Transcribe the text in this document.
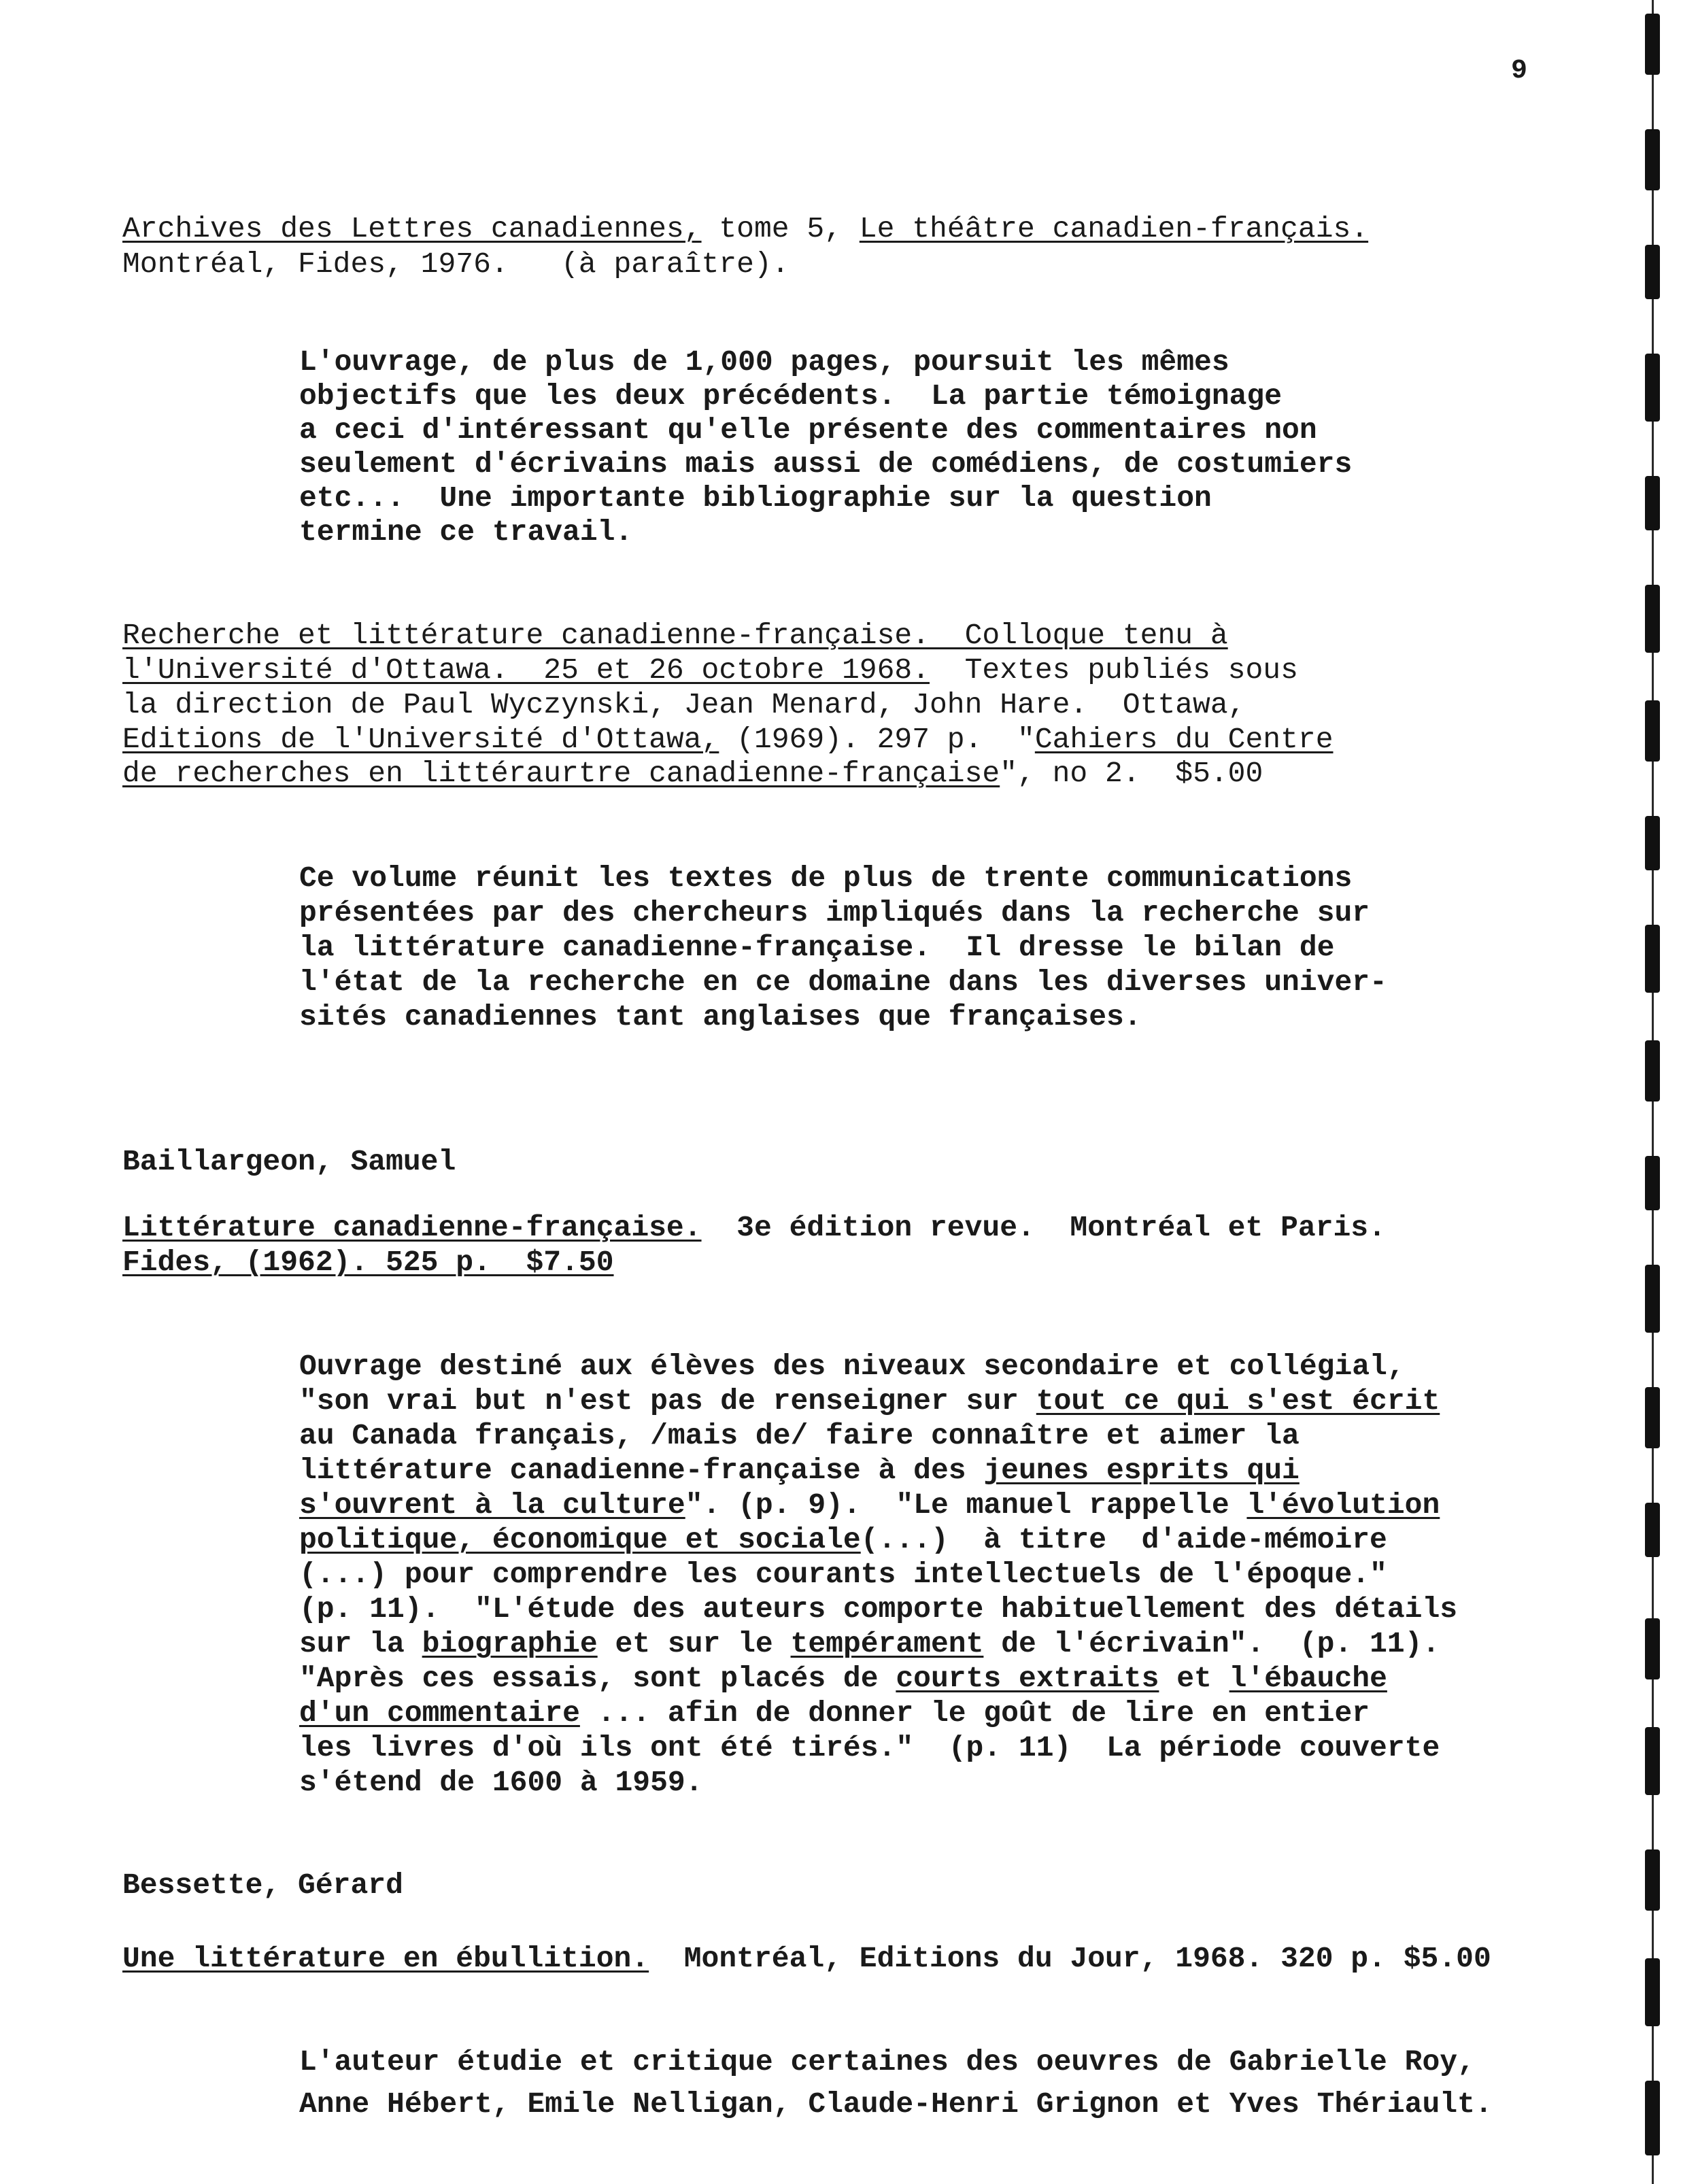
9
Archives des Lettres canadiennes, tome 5, Le théâtre canadien-français.
Montréal, Fides, 1976.   (à paraître).
L'ouvrage, de plus de 1,000 pages, poursuit les mêmes
objectifs que les deux précédents.  La partie témoignage
a ceci d'intéressant qu'elle présente des commentaires non
seulement d'écrivains mais aussi de comédiens, de costumiers
etc...  Une importante bibliographie sur la question
termine ce travail.
Recherche et littérature canadienne-française.  Colloque tenu à
l'Université d'Ottawa.  25 et 26 octobre 1968.  Textes publiés sous
la direction de Paul Wyczynski, Jean Menard, John Hare.  Ottawa,
Editions de l'Université d'Ottawa, (1969). 297 p.  "Cahiers du Centre
de recherches en littéraurtre canadienne-française", no 2.  $5.00
Ce volume réunit les textes de plus de trente communications
présentées par des chercheurs impliqués dans la recherche sur
la littérature canadienne-française.  Il dresse le bilan de
l'état de la recherche en ce domaine dans les diverses univer-
sités canadiennes tant anglaises que françaises.
Baillargeon, Samuel
Littérature canadienne-française.  3e édition revue.  Montréal et Paris.
Fides, (1962). 525 p.  $7.50
Ouvrage destiné aux élèves des niveaux secondaire et collégial,
"son vrai but n'est pas de renseigner sur tout ce qui s'est écrit
au Canada français, /mais de/ faire connaître et aimer la
littérature canadienne-française à des jeunes esprits qui
s'ouvrent à la culture". (p. 9).  "Le manuel rappelle l'évolution
politique, économique et sociale(...)  à titre  d'aide-mémoire
(...) pour comprendre les courants intellectuels de l'époque."
(p. 11).  "L'étude des auteurs comporte habituellement des détails
sur la biographie et sur le tempérament de l'écrivain".  (p. 11).
"Après ces essais, sont placés de courts extraits et l'ébauche
d'un commentaire ... afin de donner le goût de lire en entier
les livres d'où ils ont été tirés."  (p. 11)  La période couverte
s'étend de 1600 à 1959.
Bessette, Gérard
Une littérature en ébullition.  Montréal, Editions du Jour, 1968. 320 p. $5.00
L'auteur étudie et critique certaines des oeuvres de Gabrielle Roy,
Anne Hébert, Emile Nelligan, Claude-Henri Grignon et Yves Thériault.
